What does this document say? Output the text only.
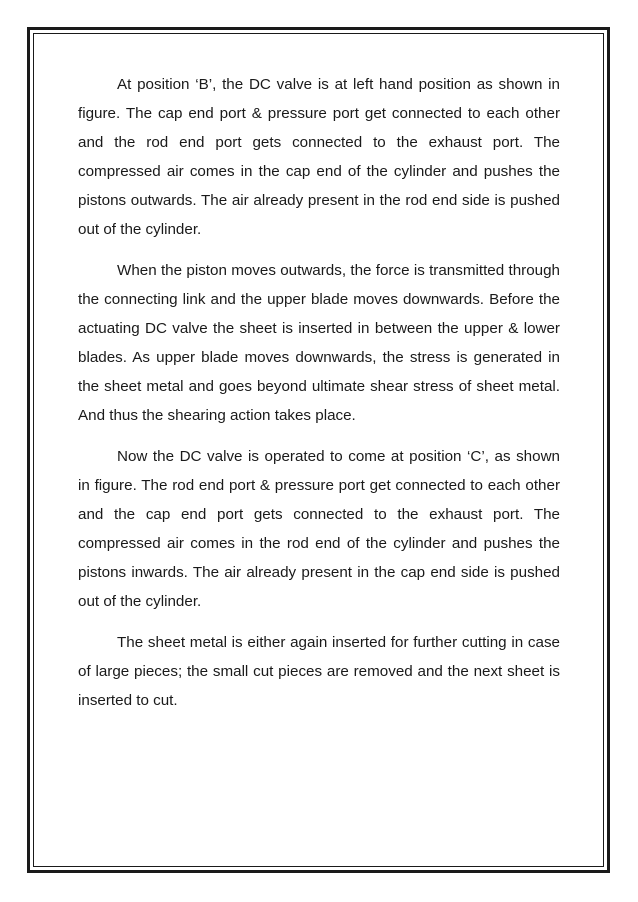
At position ‘B’, the DC valve is at left hand position as shown in figure. The cap end port & pressure port get connected to each other and the rod end port gets connected to the exhaust port. The compressed air comes in the cap end of the cylinder and pushes the pistons outwards. The air already present in the rod end side is pushed out of the cylinder.

When the piston moves outwards, the force is transmitted through the connecting link and the upper blade moves downwards. Before the actuating DC valve the sheet is inserted in between the upper & lower blades. As upper blade moves downwards, the stress is generated in the sheet metal and goes beyond ultimate shear stress of sheet metal. And thus the shearing action takes place.

Now the DC valve is operated to come at position ‘C’, as shown in figure. The rod end port & pressure port get connected to each other and the cap end port gets connected to the exhaust port. The compressed air comes in the rod end of the cylinder and pushes the pistons inwards. The air already present in the cap end side is pushed out of the cylinder.

The sheet metal is either again inserted for further cutting in case of large pieces; the small cut pieces are removed and the next sheet is inserted to cut.
